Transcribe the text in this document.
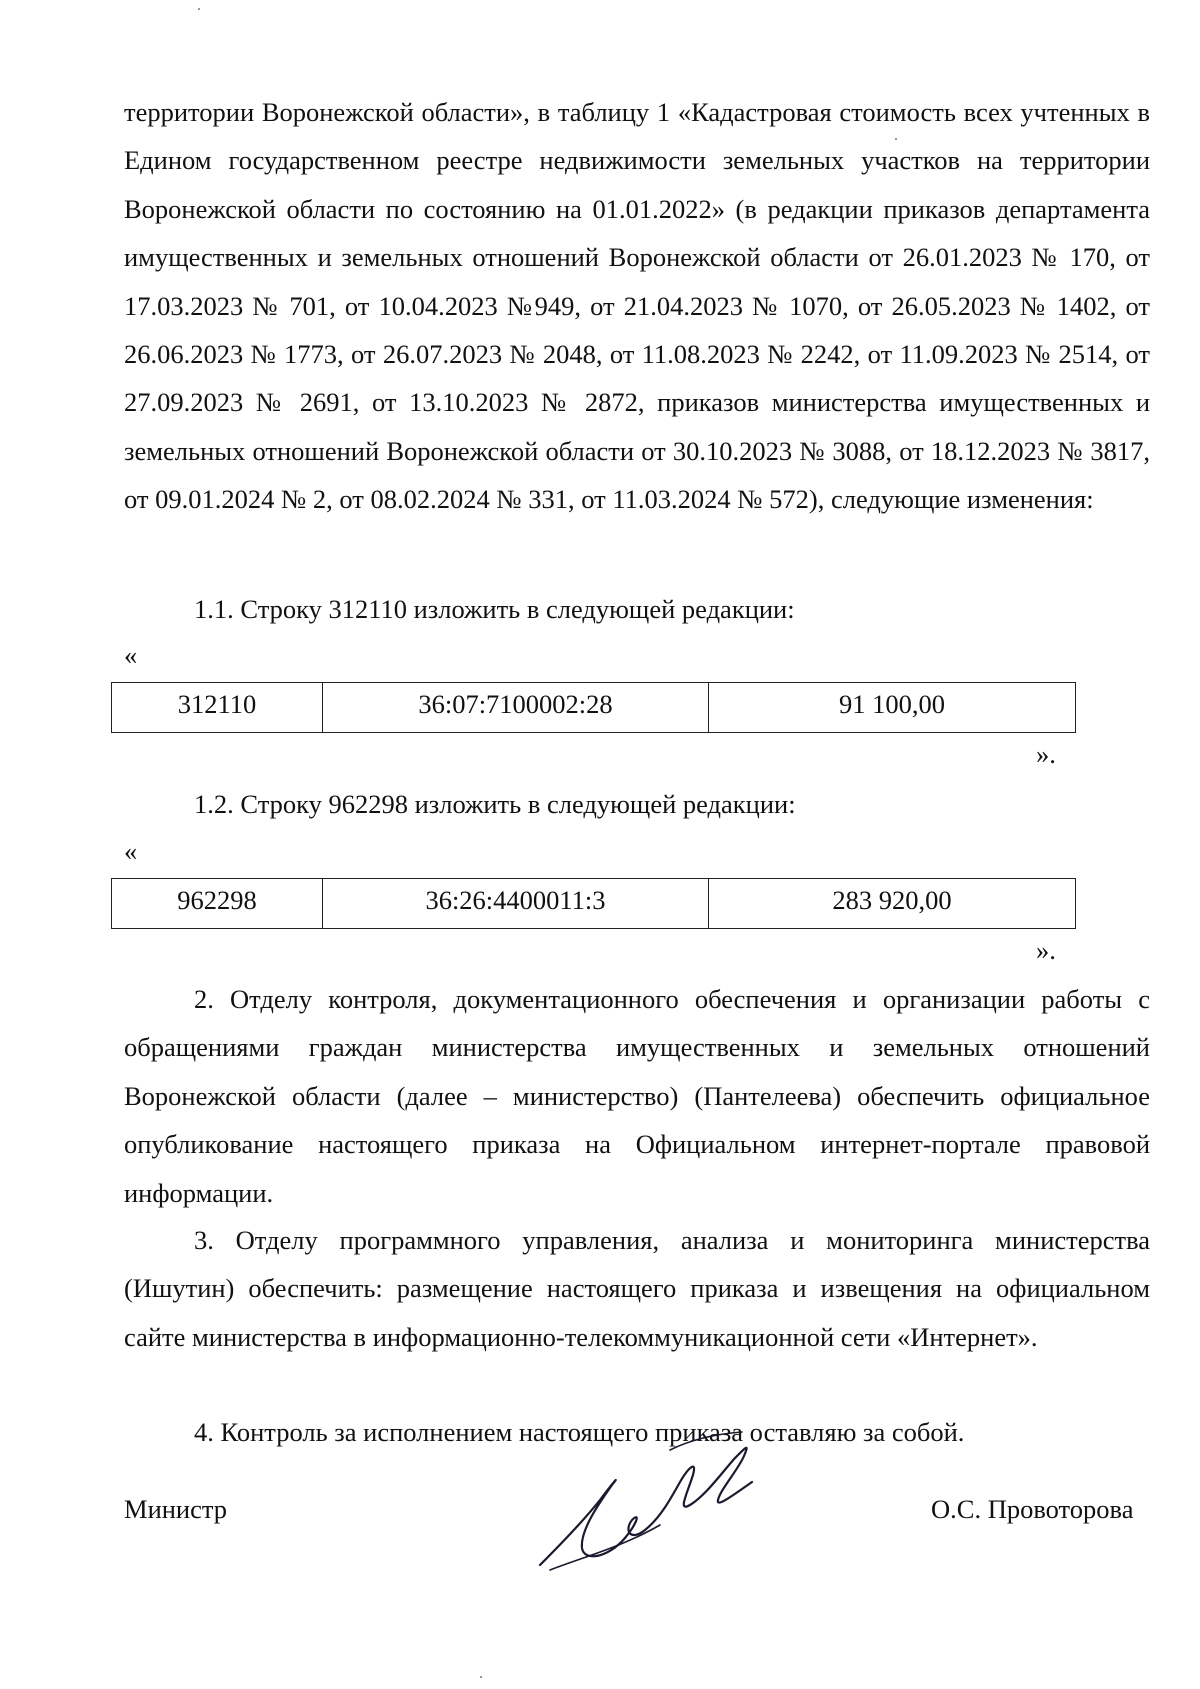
территории Воронежской области», в таблицу 1 «Кадастровая стоимость всех учтенных в Едином государственном реестре недвижимости земельных участков на территории Воронежской области по состоянию на 01.01.2022» (в редакции приказов департамента имущественных и земельных отношений Воронежской области от 26.01.2023 № 170, от 17.03.2023 № 701, от 10.04.2023 №949, от 21.04.2023 № 1070, от 26.05.2023 № 1402, от 26.06.2023 № 1773, от 26.07.2023 № 2048, от 11.08.2023 № 2242, от 11.09.2023 № 2514, от 27.09.2023 № 2691, от 13.10.2023 № 2872, приказов министерства имущественных и земельных отношений Воронежской области от 30.10.2023 № 3088, от 18.12.2023 № 3817, от 09.01.2024 № 2, от 08.02.2024 № 331, от 11.03.2024 № 572), следующие изменения:
1.1. Строку 312110 изложить в следующей редакции:
«
312110	36:07:7100002:28	91 100,00
».
1.2. Строку 962298 изложить в следующей редакции:
«
962298	36:26:4400011:3	283 920,00
».
2. Отделу контроля, документационного обеспечения и организации работы с обращениями граждан министерства имущественных и земельных отношений Воронежской области (далее – министерство) (Пантелеева) обеспечить официальное опубликование настоящего приказа на Официальном интернет-портале правовой информации.
3. Отделу программного управления, анализа и мониторинга министерства (Ишутин) обеспечить: размещение настоящего приказа и извещения на официальном сайте министерства в информационно-телекоммуникационной сети «Интернет».
4. Контроль за исполнением настоящего приказа оставляю за собой.
Министр	О.С. Провоторова
